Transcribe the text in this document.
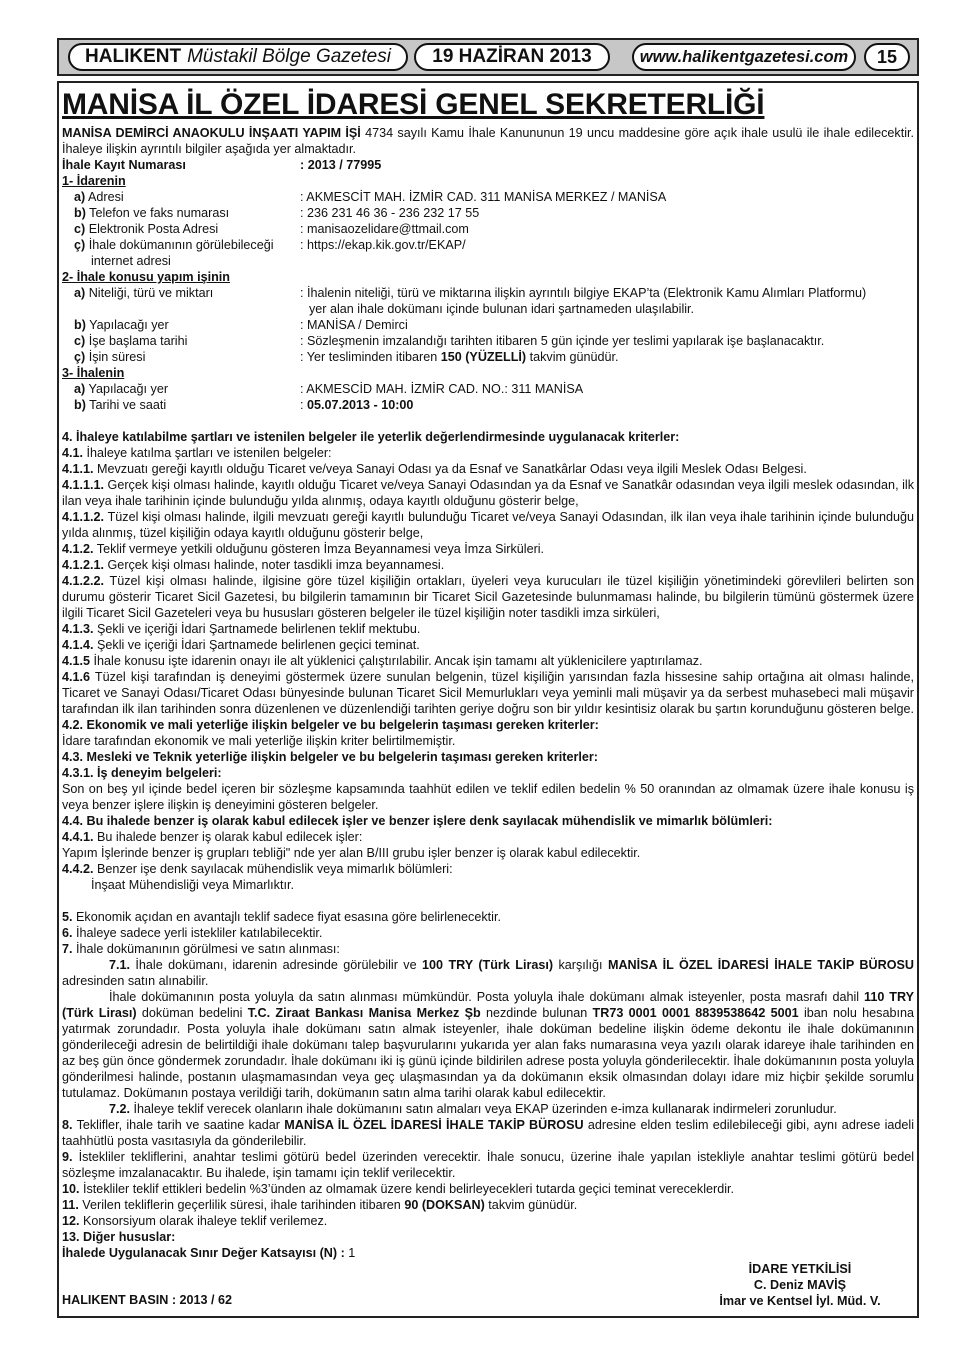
HALIKENT Müstakil Bölge Gazetesi	19 HAZİRAN 2013	www.halikentgazetesi.com	15
MANİSA İL ÖZEL İDARESİ GENEL SEKRETERLİĞİ

MANİSA DEMİRCİ ANAOKULU İNŞAATI YAPIM İŞİ 4734 sayılı Kamu İhale Kanununun 19 uncu maddesine göre açık ihale usulü ile ihale edilecektir. İhaleye ilişkin ayrıntılı bilgiler aşağıda yer almaktadır.

İhale Kayıt Numarası	: 2013 / 77995
1- İdarenin
a) Adresi	: AKMESCİT MAH. İZMİR CAD. 311 MANİSA MERKEZ / MANİSA
b) Telefon ve faks numarası	: 236 231 46 36 - 236 232 17 55
c) Elektronik Posta Adresi	: manisaozelidare@ttmail.com
ç) İhale dokümanının görülebileceği
internet adresi
: https://ekap.kik.gov.tr/EKAP/
2- İhale konusu yapım işinin
a) Niteliği, türü ve miktarı	: İhalenin niteliği, türü ve miktarına ilişkin ayrıntılı bilgiye EKAP’ta (Elektronik Kamu Alımları Platformu)
yer alan ihale dokümanı içinde bulunan idari şartnameden ulaşılabilir.
b) Yapılacağı yer	: MANİSA / Demirci
c) İşe başlama tarihi	: Sözleşmenin imzalandığı tarihten itibaren 5 gün içinde yer teslimi yapılarak işe başlanacaktır.
ç) İşin süresi	: Yer tesliminden itibaren 150 (YÜZELLİ) takvim günüdür.
3- İhalenin
a) Yapılacağı yer	: AKMESCİD MAH. İZMİR CAD. NO.: 311 MANİSA
b) Tarihi ve saati	: 05.07.2013 - 10:00

4. İhaleye katılabilme şartları ve istenilen belgeler ile yeterlik değerlendirmesinde uygulanacak kriterler:

4.1. İhaleye katılma şartları ve istenilen belgeler:

4.1.1. Mevzuatı gereği kayıtlı olduğu Ticaret ve/veya Sanayi Odası ya da Esnaf ve Sanatkârlar Odası veya ilgili Meslek Odası Belgesi.

4.1.1.1. Gerçek kişi olması halinde, kayıtlı olduğu Ticaret ve/veya Sanayi Odasından ya da Esnaf ve Sanatkâr odasından veya ilgili meslek odasından, ilk ilan veya ihale tarihinin içinde bulunduğu yılda alınmış, odaya kayıtlı olduğunu gösterir belge,

4.1.1.2. Tüzel kişi olması halinde, ilgili mevzuatı gereği kayıtlı bulunduğu Ticaret ve/veya Sanayi Odasından, ilk ilan veya ihale tarihinin içinde bulunduğu yılda alınmış, tüzel kişiliğin odaya kayıtlı olduğunu gösterir belge,

4.1.2. Teklif vermeye yetkili olduğunu gösteren İmza Beyannamesi veya İmza Sirküleri.

4.1.2.1. Gerçek kişi olması halinde, noter tasdikli imza beyannamesi.

4.1.2.2. Tüzel kişi olması halinde, ilgisine göre tüzel kişiliğin ortakları, üyeleri veya kurucuları ile tüzel kişiliğin yönetimindeki görevlileri belirten son durumu gösterir Ticaret Sicil Gazetesi, bu bilgilerin tamamının bir Ticaret Sicil Gazetesinde bulunmaması halinde, bu bilgilerin tümünü göstermek üzere ilgili Ticaret Sicil Gazeteleri veya bu hususları gösteren belgeler ile tüzel kişiliğin noter tasdikli imza sirküleri,

4.1.3. Şekli ve içeriği İdari Şartnamede belirlenen teklif mektubu.

4.1.4. Şekli ve içeriği İdari Şartnamede belirlenen geçici teminat.

4.1.5 İhale konusu işte idarenin onayı ile alt yüklenici çalıştırılabilir. Ancak işin tamamı alt yüklenicilere yaptırılamaz.

4.1.6 Tüzel kişi tarafından iş deneyimi göstermek üzere sunulan belgenin, tüzel kişiliğin yarısından fazla hissesine sahip ortağına ait olması halinde, Ticaret ve Sanayi Odası/Ticaret Odası bünyesinde bulunan Ticaret Sicil Memurlukları veya yeminli mali müşavir ya da serbest muhasebeci mali müşavir tarafından ilk ilan tarihinden sonra düzenlenen ve düzenlendiği tarihten geriye doğru son bir yıldır kesintisiz olarak bu şartın korunduğunu gösteren belge.

4.2. Ekonomik ve mali yeterliğe ilişkin belgeler ve bu belgelerin taşıması gereken kriterler:

İdare tarafından ekonomik ve mali yeterliğe ilişkin kriter belirtilmemiştir.

4.3. Mesleki ve Teknik yeterliğe ilişkin belgeler ve bu belgelerin taşıması gereken kriterler:

4.3.1. İş deneyim belgeleri:

Son on beş yıl içinde bedel içeren bir sözleşme kapsamında taahhüt edilen ve teklif edilen bedelin % 50 oranından az olmamak üzere ihale konusu iş veya benzer işlere ilişkin iş deneyimini gösteren belgeler.

4.4. Bu ihalede benzer iş olarak kabul edilecek işler ve benzer işlere denk sayılacak mühendislik ve mimarlık bölümleri:

4.4.1. Bu ihalede benzer iş olarak kabul edilecek işler:

Yapım İşlerinde benzer iş grupları tebliği" nde yer alan B/III grubu işler benzer iş olarak kabul edilecektir.

4.4.2. Benzer işe denk sayılacak mühendislik veya mimarlık bölümleri:

İnşaat Mühendisliği veya Mimarlıktır.

5. Ekonomik açıdan en avantajlı teklif sadece fiyat esasına göre belirlenecektir.

6. İhaleye sadece yerli istekliler katılabilecektir.

7. İhale dokümanının görülmesi ve satın alınması:

7.1. İhale dokümanı, idarenin adresinde görülebilir ve 100 TRY (Türk Lirası) karşılığı MANİSA İL ÖZEL İDARESİ İHALE TAKİP BÜROSU adresinden satın alınabilir.

İhale dokümanının posta yoluyla da satın alınması mümkündür. Posta yoluyla ihale dokümanı almak isteyenler, posta masrafı dahil 110 TRY (Türk Lirası) doküman bedelini T.C. Ziraat Bankası Manisa Merkez Şb nezdinde bulunan TR73 0001 0001 8839538642 5001 iban nolu hesabına yatırmak zorundadır. Posta yoluyla ihale dokümanı satın almak isteyenler, ihale doküman bedeline ilişkin ödeme dekontu ile ihale dokümanının gönderileceği adresin de belirtildiği ihale dokümanı talep başvurularını yukarıda yer alan faks numarasına veya yazılı olarak idareye ihale tarihinden en az beş gün önce göndermek zorundadır. İhale dokümanı iki iş günü içinde bildirilen adrese posta yoluyla gönderilecektir. İhale dokümanının posta yoluyla gönderilmesi halinde, postanın ulaşmamasından veya geç ulaşmasından ya da dokümanın eksik olmasından dolayı idare miz hiçbir şekilde sorumlu tutulamaz. Dokümanın postaya verildiği tarih, dokümanın satın alma tarihi olarak kabul edilecektir.

7.2. İhaleye teklif verecek olanların ihale dokümanını satın almaları veya EKAP üzerinden e-imza kullanarak indirmeleri zorunludur.

8. Teklifler, ihale tarih ve saatine kadar MANİSA İL ÖZEL İDARESİ İHALE TAKİP BÜROSU adresine elden teslim edilebileceği gibi, aynı adrese iadeli taahhütlü posta vasıtasıyla da gönderilebilir.

9. İstekliler tekliflerini, anahtar teslimi götürü bedel üzerinden verecektir. İhale sonucu, üzerine ihale yapılan istekliyle anahtar teslimi götürü bedel sözleşme imzalanacaktır. Bu ihalede, işin tamamı için teklif verilecektir.

10. İstekliler teklif ettikleri bedelin %3’ünden az olmamak üzere kendi belirleyecekleri tutarda geçici teminat vereceklerdir.

11. Verilen tekliflerin geçerlilik süresi, ihale tarihinden itibaren 90 (DOKSAN) takvim günüdür.

12. Konsorsiyum olarak ihaleye teklif verilemez.

13. Diğer hususlar:

İhalede Uygulanacak Sınır Değer Katsayısı (N) : 1

İDARE YETKİLİSİ
C. Deniz MAVİŞ
İmar ve Kentsel İyl. Müd. V.
HALIKENT BASIN : 2013 / 62
